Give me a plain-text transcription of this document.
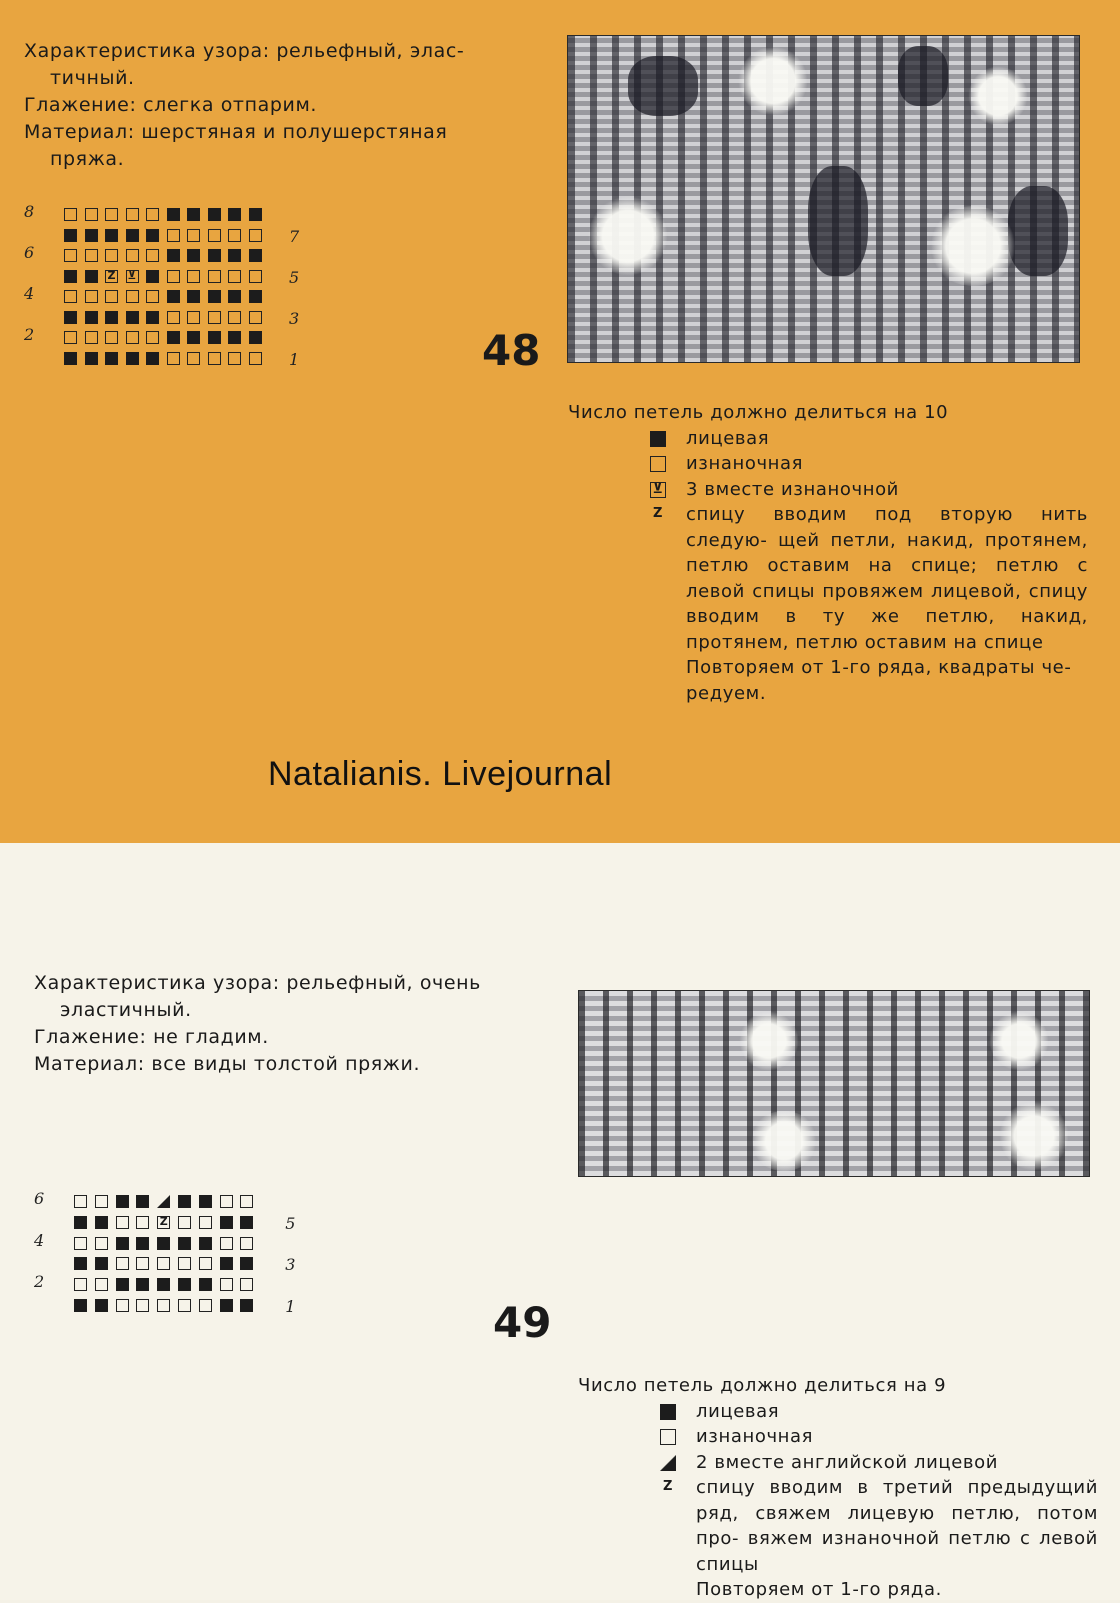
Характеристика узора: рельефный, элас-

тичный.

Глажение: слегка отпарим.

Материал: шерстяная и полушерстяная

пряжа.

Z ⊻
8
6
4
2
7
5
3
1	48

Число петель должно делиться на 10

лицевая

изнаночная

⊻ 3 вместе изнаночной

Z спицу вводим под вторую нить следую- щей петли, накид, протянем, петлю оставим на спице; петлю с левой спицы провяжем лицевой, спицу вводим в ту же петлю, накид, протянем, петлю оставим на спице

Повторяем от 1-го ряда, квадраты че- редуем.

Natalianis. Livejournal

Характеристика узора: рельефный, очень

эластичный.

Глажение: не гладим.

Материал: все виды толстой пряжи.

Z
6
4
2
5
3
1	49

Число петель должно делиться на 9

лицевая

изнаночная

2 вместе английской лицевой

Z спицу вводим в третий предыдущий ряд, свяжем лицевую петлю, потом про- вяжем изнаночной петлю с левой спицы

Повторяем от 1-го ряда.
